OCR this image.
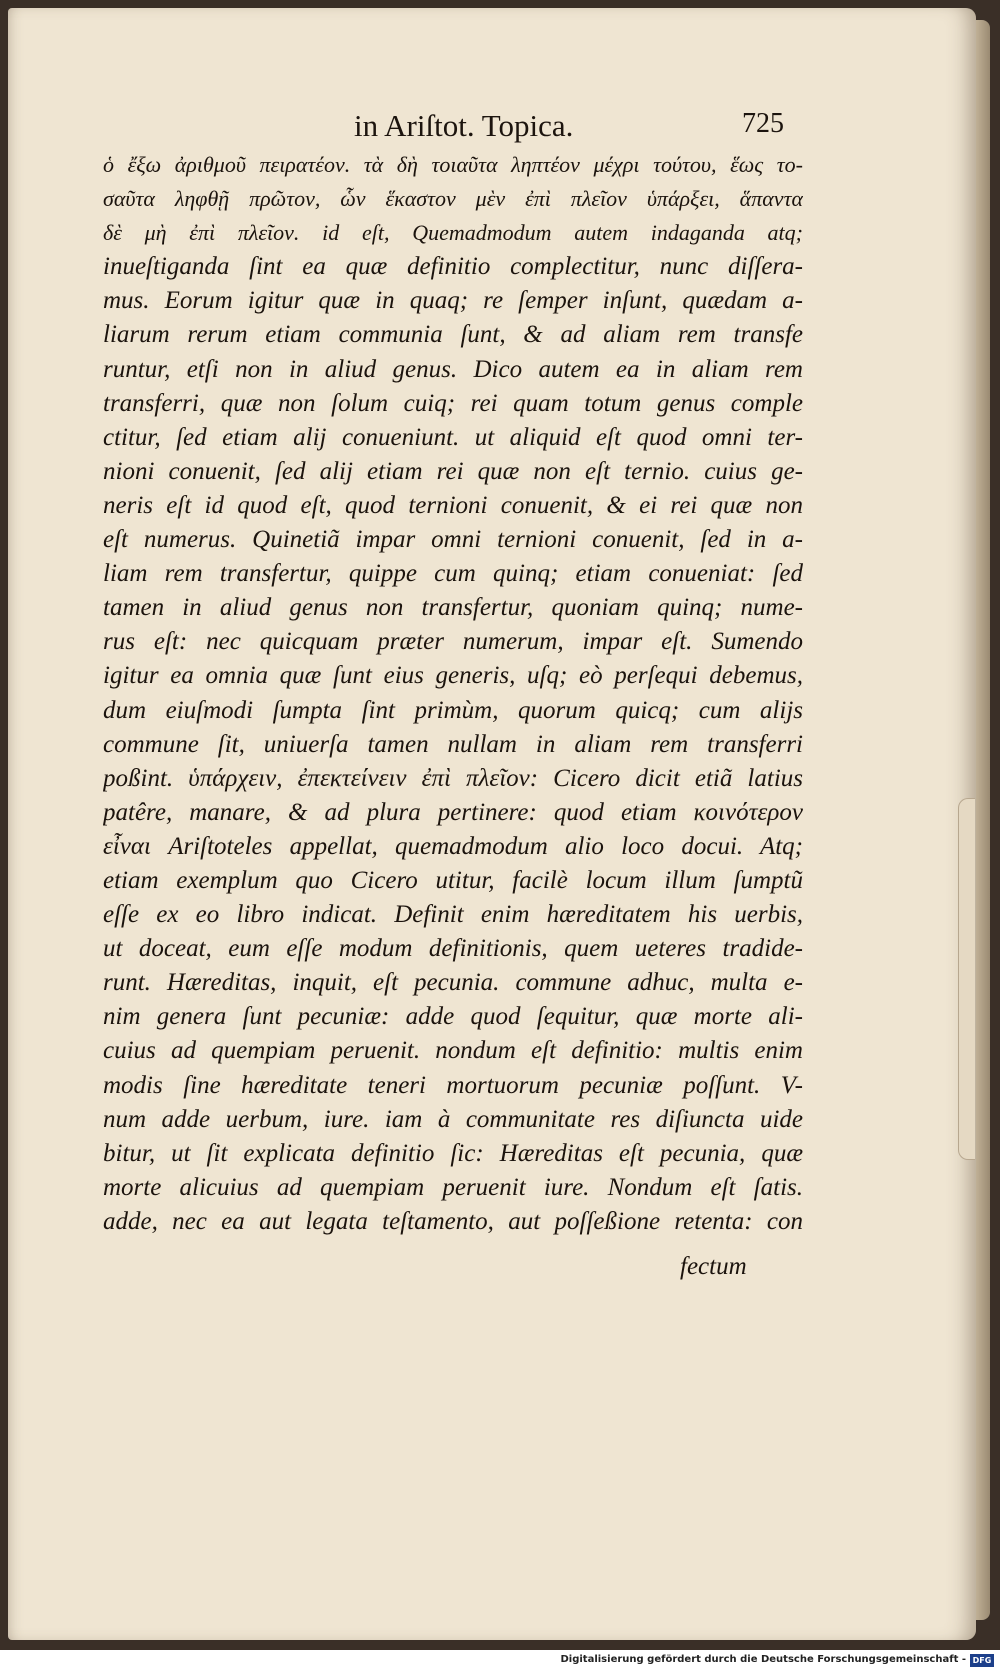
in Ariſtot. Topica.	725
ὁ ἔξω ἀριθμοῦ πειρατέον. τὰ δὴ τοιαῦτα ληπτέον μέχρι τούτου, ἕως το-
σαῦτα ληφθῇ πρῶτον, ὧν ἕκαστον μὲν ἐπὶ πλεῖον ὑπάρξει, ἅπαντα
δὲ μὴ ἐπὶ πλεῖον. id eſt, Quemadmodum autem indaganda atq;
inueſtiganda ſint ea quæ definitio complectitur, nunc diſſera-
mus. Eorum igitur quæ in quaq; re ſemper inſunt, quædam a-
liarum rerum etiam communia ſunt, & ad aliam rem transfe
runtur, etſi non in aliud genus. Dico autem ea in aliam rem
transferri, quæ non ſolum cuiq; rei quam totum genus comple
ctitur, ſed etiam alij conueniunt. ut aliquid eſt quod omni ter-
nioni conuenit, ſed alij etiam rei quæ non eſt ternio. cuius ge-
neris eſt id quod eſt, quod ternioni conuenit, & ei rei quæ non
eſt numerus. Quinetiã impar omni ternioni conuenit, ſed in a-
liam rem transfertur, quippe cum quinq; etiam conueniat: ſed
tamen in aliud genus non transfertur, quoniam quinq; nume-
rus eſt: nec quicquam præter numerum, impar eſt. Sumendo
igitur ea omnia quæ ſunt eius generis, uſq; eò perſequi debemus,
dum eiuſmodi ſumpta ſint primùm, quorum quicq; cum alijs
commune ſit, uniuerſa tamen nullam in aliam rem transferri
poßint. ὑπάρχειν, ἐπεκτείνειν ἐπὶ πλεῖον: Cicero dicit etiã latius
patêre, manare, & ad plura pertinere: quod etiam κοινότερον
εἶναι Ariſtoteles appellat, quemadmodum alio loco docui. Atq;
etiam exemplum quo Cicero utitur, facilè locum illum ſumptũ
eſſe ex eo libro indicat. Definit enim hæreditatem his uerbis,
ut doceat, eum eſſe modum definitionis, quem ueteres tradide-
runt. Hæreditas, inquit, eſt pecunia. commune adhuc, multa e-
nim genera ſunt pecuniæ: adde quod ſequitur, quæ morte ali-
cuius ad quempiam peruenit. nondum eſt definitio: multis enim
modis ſine hæreditate teneri mortuorum pecuniæ poſſunt. V-
num adde uerbum, iure. iam à communitate res diſiuncta uide
bitur, ut ſit explicata definitio ſic: Hæreditas eſt pecunia, quæ
morte alicuius ad quempiam peruenit iure. Nondum eſt ſatis.
adde, nec ea aut legata teſtamento, aut poſſeßione retenta: con
fectum
Digitalisierung gefördert durch die Deutsche Forschungsgemeinschaft - DFG
